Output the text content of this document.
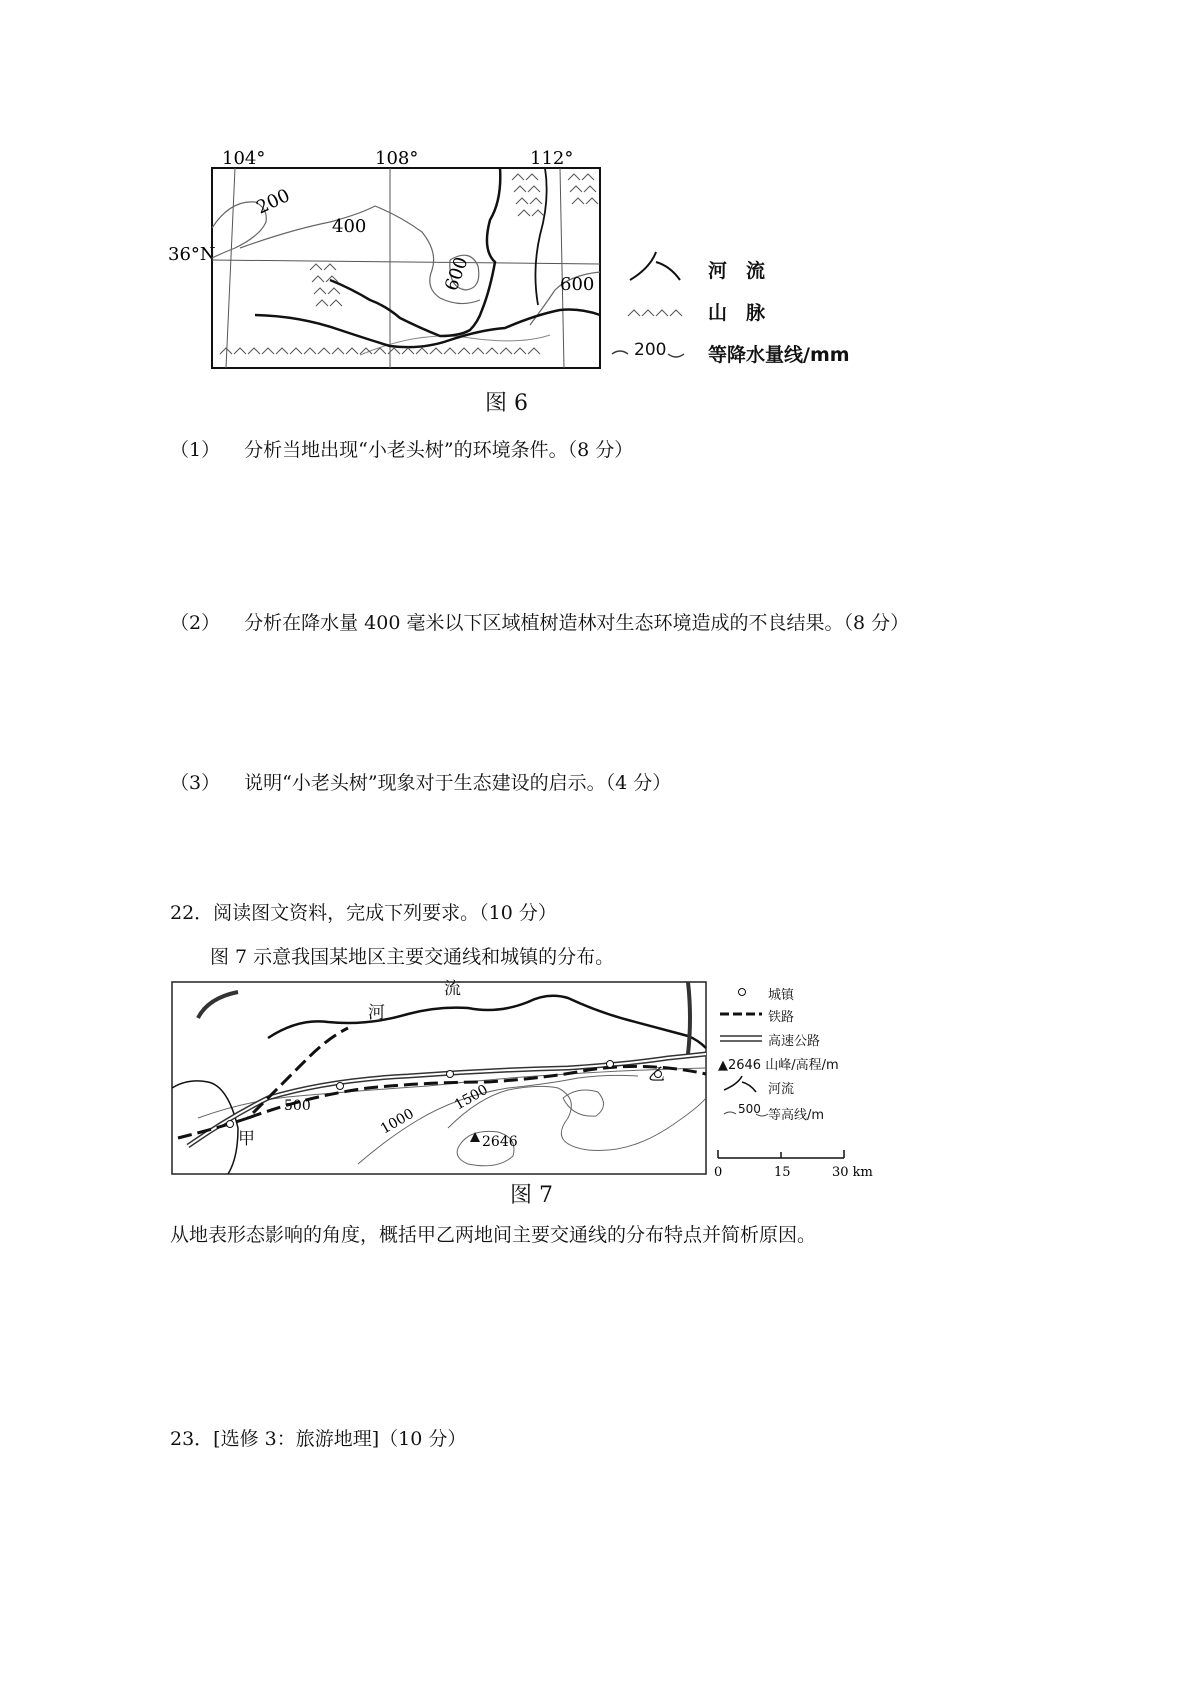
104°	108°	112°
36°N
200
400
600	600
河　流
山　脉
200 等降水量线/mm
图 6
（1） 分析当地出现“小老头树”的环境条件。（8 分）
（2） 分析在降水量 400 毫米以下区域植树造林对生态环境造成的不良结果。（8 分）
（3） 说明“小老头树”现象对于生态建设的启示。（4 分）
22．阅读图文资料，完成下列要求。（10 分）
图 7 示意我国某地区主要交通线和城镇的分布。
500	1000
1500
2646
0	15	30 km
河
流
甲
乙
城镇
铁路
高速公路
▲2646 山峰/高程/m
河流
500 等高线/m
图 7
从地表形态影响的角度，概括甲乙两地间主要交通线的分布特点并简析原因。
23．[选修 3：旅游地理]（10 分）
